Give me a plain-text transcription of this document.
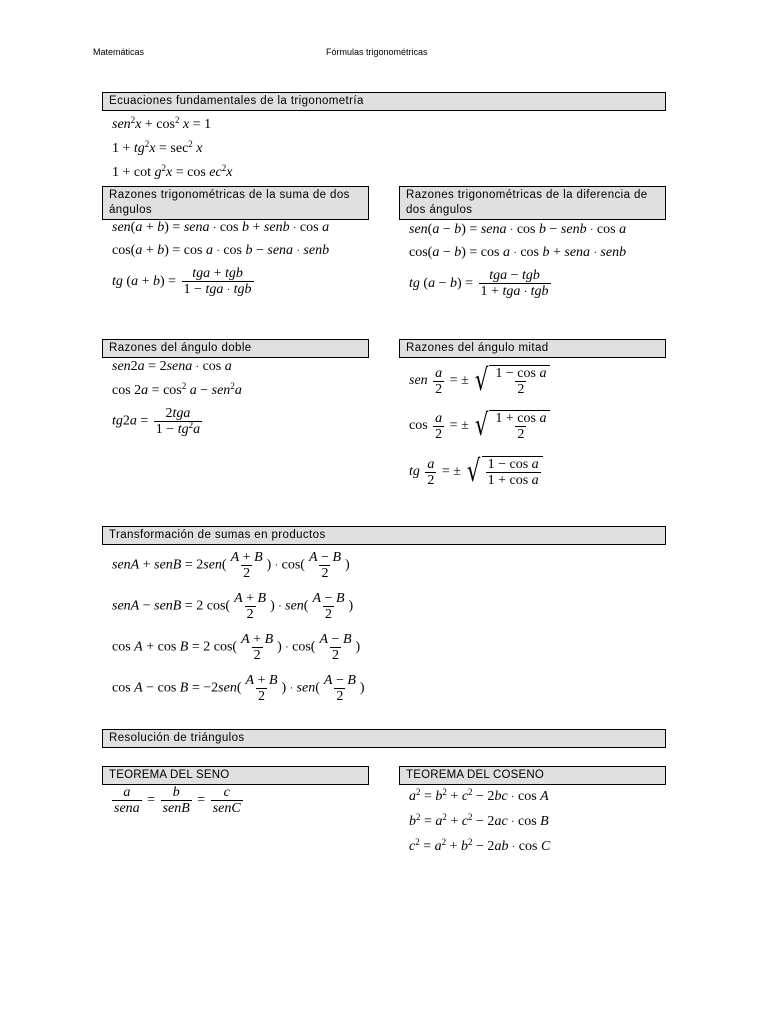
Matemáticas	Fórmulas trigonométricas
Ecuaciones fundamentales de la trigonometría
$sen^2x + \cos^2 x = 1$
$1 + tg^2x = \sec^2 x$
$1 + \cot g^2x = \cos ec^2x$
Razones trigonométricas de la suma de dos ángulos
Razones trigonométricas de la diferencia de dos ángulos
sen(a + b) = sena · cos b + senb · cos a
cos(a + b) = cos a · cos b − sena · senb
tg $(a + b) = \frac{\text{tga + tgb}}{\text{1 − tga · tgb}}$
sen(a − b) = sena · cos b − senb · cos a
cos(a − b) = cos a · cos b + sena · senb
tg $(a - b) = \frac{\text{tga − tgb}}{\text{1 + tga · tgb}}$
Razones del ángulo doble	Razones del ángulo mitad
sen2a = 2sena · cos a
$\cos 2a = \cos^2 a - sen^2a$
$tg2a = \frac{\text{2tga}}{1 - tg^2a}$
sen $\frac{a}{2}$ = ± √ $\frac{\text{1 − cos a}}{2}$
$\cos \frac{a}{2}$ = ± √ $\frac{\text{1 + cos a}}{2}$
tg $\frac{a}{2}$ = ± √ $\frac{\text{1 − cos a}}{\text{1 + cos a}}$
Transformación de sumas en productos
senA + senB = $2sen( \frac{A + B}{2}$ ) · $\cos( \frac{A - B}{2}$ )
senA − senB = 2 $\cos( \frac{A + B}{2}$ ) · $sen( \frac{A - B}{2}$ )
cos A + cos B = 2 $\cos( \frac{A + B}{2}$ ) · $\cos( \frac{A - B}{2}$ )
$\cos A - \cos B = -2sen( \frac{A + B}{2}$ ) · $sen( \frac{A - B}{2}$ )
Resolución de triángulos
TEOREMA DEL SENO	TEOREMA DEL COSENO
$\frac{a}{\text{sena}} = \frac{b}{\text{senB}} = \frac{c}{\text{senC}}$	$a^2 = b^2 + c^2 - 2bc \cdot \cos A$
$b^2 = a^2 + c^2 - 2ac \cdot \cos B$
$c^2 = a^2 + b^2 - 2ab \cdot \cos C$
